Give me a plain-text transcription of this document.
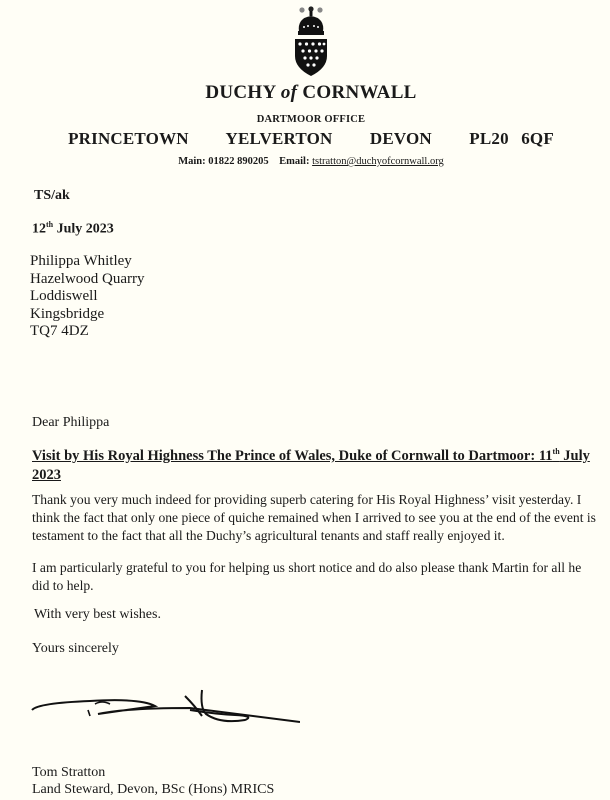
DUCHY of CORNWALL
DARTMOOR OFFICE
PRINCETOWN   YELVERTON   DEVON   PL20 6QF
Main: 01822 890205 Email: tstratton@duchyofcornwall.org
TS/ak
12th July 2023
Philippa Whitley
Hazelwood Quarry
Loddiswell
Kingsbridge
TQ7 4DZ
Dear Philippa
Visit by His Royal Highness The Prince of Wales, Duke of Cornwall to Dartmoor: 11th July 2023
Thank you very much indeed for providing superb catering for His Royal Highness’ visit yesterday. I think the fact that only one piece of quiche remained when I arrived to see you at the end of the event is testament to the fact that all the Duchy’s agricultural tenants and staff really enjoyed it.
I am particularly grateful to you for helping us short notice and do also please thank Martin for all he did to help.
With very best wishes.
Yours sincerely
Tom Stratton
Land Steward, Devon, BSc (Hons) MRICS
